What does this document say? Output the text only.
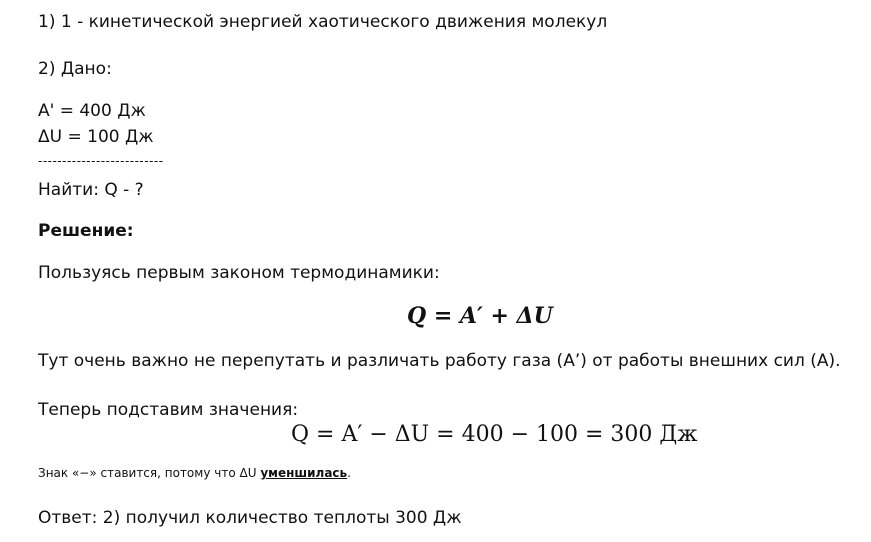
1) 1 - кинетической энергией хаотического движения молекул
2) Дано:
A' = 400 Дж
ΔU = 100 Дж
--------------------------
Найти: Q - ?
Решение:
Пользуясь первым законом термодинамики:
Q = A′ + ΔU
Тут очень важно не перепутать и различать работу газа (А’) от работы внешних сил (А).
Теперь подставим значения:
Q = A′ − ΔU = 400 − 100 = 300 Дж
Знак «−» ставится, потому что ΔU уменшилась.
Ответ: 2) получил количество теплоты 300 Дж
